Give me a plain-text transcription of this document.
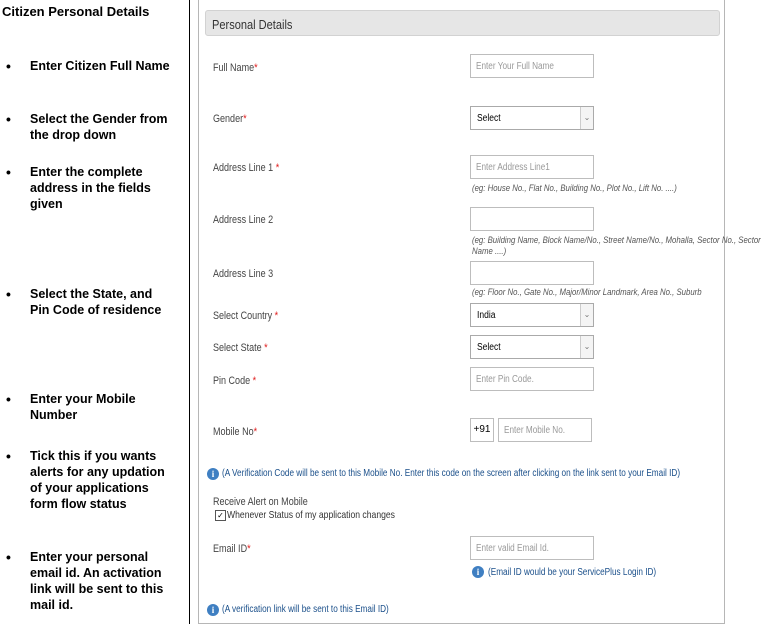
Citizen Personal Details
• Enter Citizen Full Name
• Select the Gender from the drop down
• Enter the complete address in the fields given
• Select the State, and Pin Code of residence
• Enter your Mobile Number
• Tick this if you wants alerts for any updation of your applications form flow status
• Enter your personal email id. An activation link will be sent to this mail id.
Personal Details
Full Name*	Enter Your Full Name
Gender*	Select	⌄
Address Line 1 *	Enter Address Line1
(eg: House No., Flat No., Building No., Plot No., Lift No. ....)
Address Line 2
(eg: Building Name, Block Name/No., Street Name/No., Mohalla, Sector No., Sector
Name ....)
Address Line 3
(eg: Floor No., Gate No., Major/Minor Landmark, Area No., Suburb
Select Country *	India	⌄
Select State *	Select	⌄
Pin Code *	Enter Pin Code.
Mobile No*	+91	Enter Mobile No.
i (A Verification Code will be sent to this Mobile No. Enter this code on the screen after clicking on the link sent to your Email ID)
Receive Alert on Mobile
✓ Whenever Status of my application changes
Email ID*	Enter valid Email Id.
i (Email ID would be your ServicePlus Login ID)
i (A verification link will be sent to this Email ID)
